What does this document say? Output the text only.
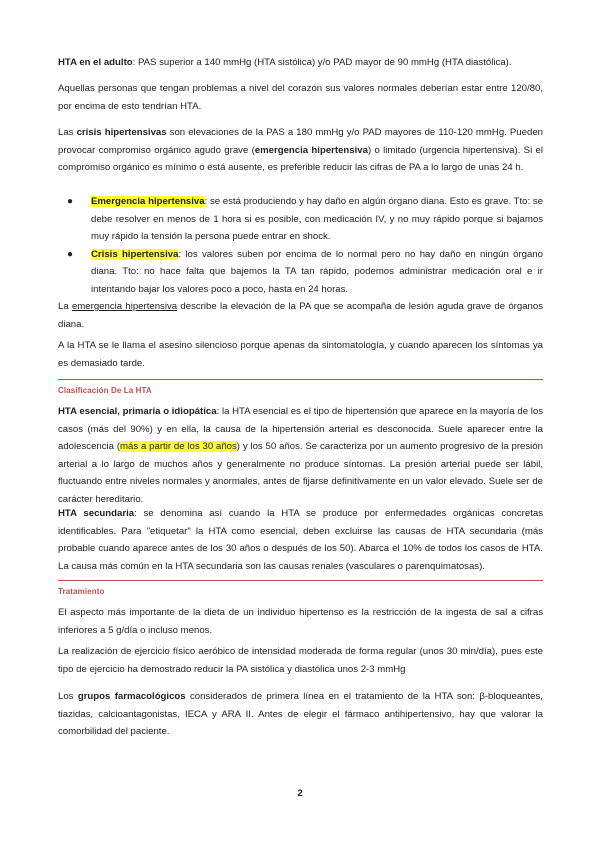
HTA en el adulto: PAS superior a 140 mmHg (HTA sistólica) y/o PAD mayor de 90 mmHg (HTA diastólica).

Aquellas personas que tengan problemas a nivel del corazón sus valores normales deberían estar entre 120/80, por encima de esto tendrían HTA.

Las crisis hipertensivas son elevaciones de la PAS a 180 mmHg y/o PAD mayores de 110-120 mmHg. Pueden provocar compromiso orgánico agudo grave (emergencia hipertensiva) o limitado (urgencia hipertensiva). Si el compromiso orgánico es mínimo o está ausente, es preferible reducir las cifras de PA a lo largo de unas 24 h.

● Emergencia hipertensiva: se está produciendo y hay daño en algún órgano diana. Esto es grave. Tto: se debe resolver en menos de 1 hora si es posible, con medicación IV, y no muy rápido porque si bajamos muy rápido la tensión la persona puede entrar en shock.
● Crisis hipertensiva: los valores suben por encima de lo normal pero no hay daño en ningún órgano diana. Tto: no hace falta que bajemos la TA tan rápido, podemos administrar medicación oral e ir intentando bajar los valores poco a poco, hasta en 24 horas.

La emergencia hipertensiva describe la elevación de la PA que se acompaña de lesión aguda grave de órganos diana.

A la HTA se le llama el asesino silencioso porque apenas da sintomatología, y cuando aparecen los síntomas ya es demasiado tarde.

Clasificación De La HTA

HTA esencial, primaria o idiopática: la HTA esencial es el tipo de hipertensión que aparece en la mayoría de los casos (más del 90%) y en ella, la causa de la hipertensión arterial es desconocida. Suele aparecer entre la adolescencia (más a partir de los 30 años) y los 50 años. Se caracteriza por un aumento progresivo de la presión arterial a lo largo de muchos años y generalmente no produce síntomas. La presión arterial puede ser lábil, fluctuando entre niveles normales y anormales, antes de fijarse definitivamente en un valor elevado. Suele ser de carácter hereditario.

HTA secundaria: se denomina así cuando la HTA se produce por enfermedades orgánicas concretas identificables. Para "etiquetar" la HTA como esencial, deben excluirse las causas de HTA secundaria (más probable cuando aparece antes de los 30 años o después de los 50). Abarca el 10% de todos los casos de HTA. La causa más común en la HTA secundaria son las causas renales (vasculares o parenquimatosas).

Tratamiento

El aspecto más importante de la dieta de un individuo hipertenso es la restricción de la ingesta de sal a cifras inferiores a 5 g/día o incluso menos.

La realización de ejercicio físico aeróbico de intensidad moderada de forma regular (unos 30 min/día), pues este tipo de ejercicio ha demostrado reducir la PA sistólica y diastólica unos 2-3 mmHg

Los grupos farmacológicos considerados de primera línea en el tratamiento de la HTA son: β-bloqueantes, tiazidas, calcioantagonistas, IECA y ARA II. Antes de elegir el fármaco antihipertensivo, hay que valorar la comorbilidad del paciente.

2
